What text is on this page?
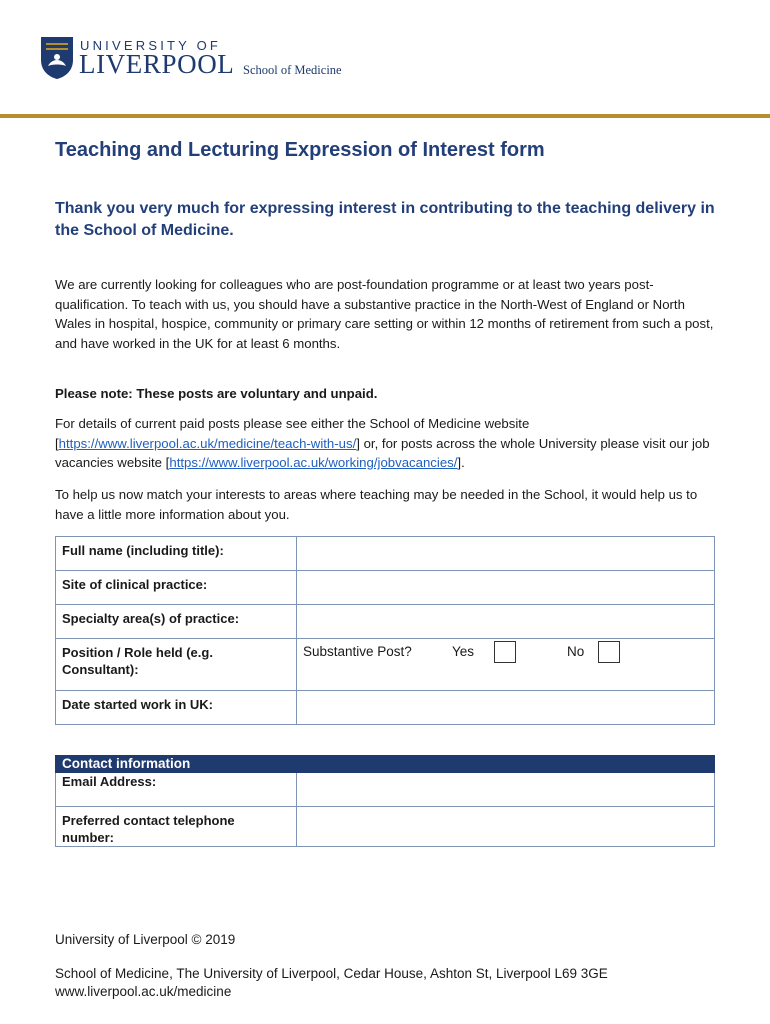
UNIVERSITY OF
LIVERPOOL School of Medicine
Teaching and Lecturing Expression of Interest form
Thank you very much for expressing interest in contributing to the teaching delivery in the School of Medicine.
We are currently looking for colleagues who are post-foundation programme or at least two years post-qualification. To teach with us, you should have a substantive practice in the North-West of England or North Wales in hospital, hospice, community or primary care setting or within 12 months of retirement from such a post, and have worked in the UK for at least 6 months.
Please note: These posts are voluntary and unpaid.
For details of current paid posts please see either the School of Medicine website [https://www.liverpool.ac.uk/medicine/teach-with-us/] or, for posts across the whole University please visit our job vacancies website [https://www.liverpool.ac.uk/working/jobvacancies/].
To help us now match your interests to areas where teaching may be needed in the School, it would help us to have a little more information about you.
Full name (including title):	

Site of clinical practice:	

Specialty area(s) of practice:	

Position / Role held (e.g. Consultant):	Substantive Post? Yes No

Date started work in UK:	
Contact information	
Email Address:	

Preferred contact telephone number:	
University of Liverpool © 2019
School of Medicine, The University of Liverpool, Cedar House, Ashton St, Liverpool L69 3GE
www.liverpool.ac.uk/medicine
